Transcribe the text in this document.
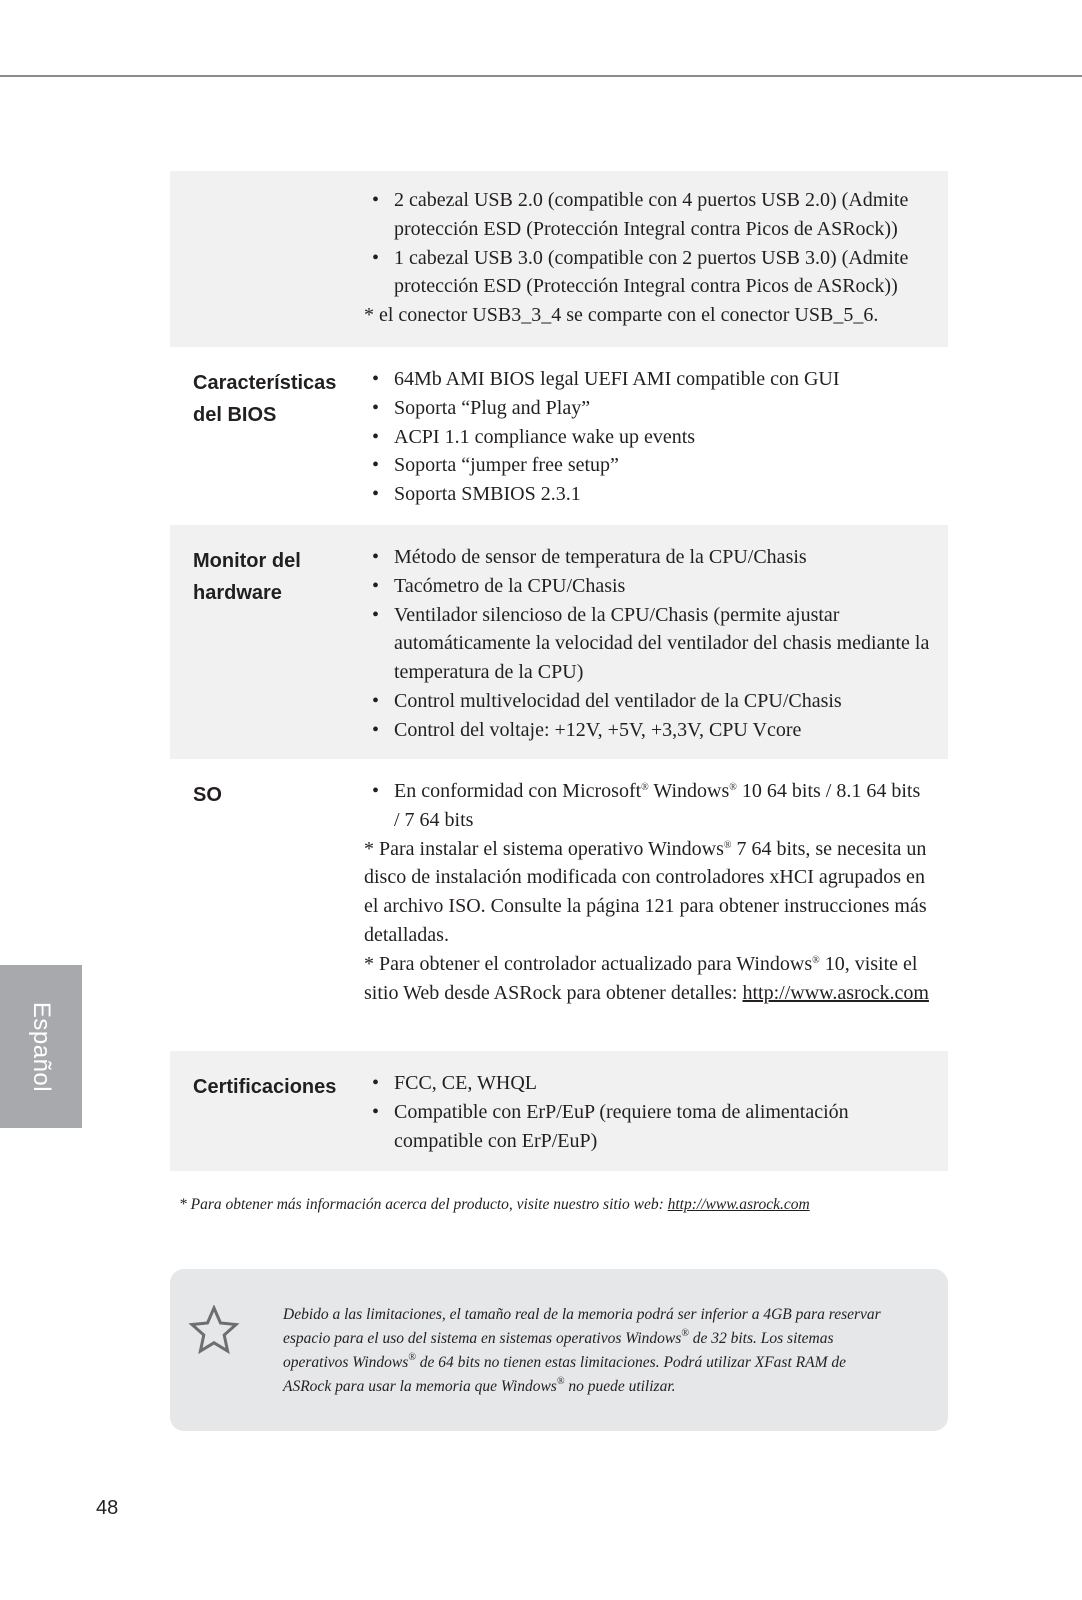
Español
• 2 cabezal USB 2.0 (compatible con 4 puertos USB 2.0) (Admite protección ESD (Protección Integral contra Picos de ASRock))
• 1 cabezal USB 3.0 (compatible con 2 puertos USB 3.0) (Admite protección ESD (Protección Integral contra Picos de ASRock))

* el conector USB3_3_4 se comparte con el conector USB_5_6.

Características
del BIOS
• 64Mb AMI BIOS legal UEFI AMI compatible con GUI
• Soporta “Plug and Play”
• ACPI 1.1 compliance wake up events
• Soporta “jumper free setup”
• Soporta SMBIOS 2.3.1
Monitor del
hardware
• Método de sensor de temperatura de la CPU/Chasis
• Tacómetro de la CPU/Chasis
• Ventilador silencioso de la CPU/Chasis (permite ajustar automáticamente la velocidad del ventilador del chasis mediante la temperatura de la CPU)
• Control multivelocidad del ventilador de la CPU/Chasis
• Control del voltaje: +12V, +5V, +3,3V, CPU Vcore
SO	• En conformidad con Microsoft® Windows® 10 64 bits / 8.1 64 bits / 7 64 bits

* Para instalar el sistema operativo Windows® 7 64 bits, se necesita un disco de instalación modificada con controladores xHCI agrupados en el archivo ISO. Consulte la página 121 para obtener instrucciones más detalladas.

* Para obtener el controlador actualizado para Windows® 10, visite el sitio Web desde ASRock para obtener detalles: http://www.asrock.com

Certificaciones	• FCC, CE, WHQL
• Compatible con ErP/EuP (requiere toma de alimentación compatible con ErP/EuP)
* Para obtener más información acerca del producto, visite nuestro sitio web: http://www.asrock.com
Debido a las limitaciones, el tamaño real de la memoria podrá ser inferior a 4GB para reservar espacio para el uso del sistema en sistemas operativos Windows® de 32 bits. Los sitemas operativos Windows® de 64 bits no tienen estas limitaciones. Podrá utilizar XFast RAM de ASRock para usar la memoria que Windows® no puede utilizar.
48
